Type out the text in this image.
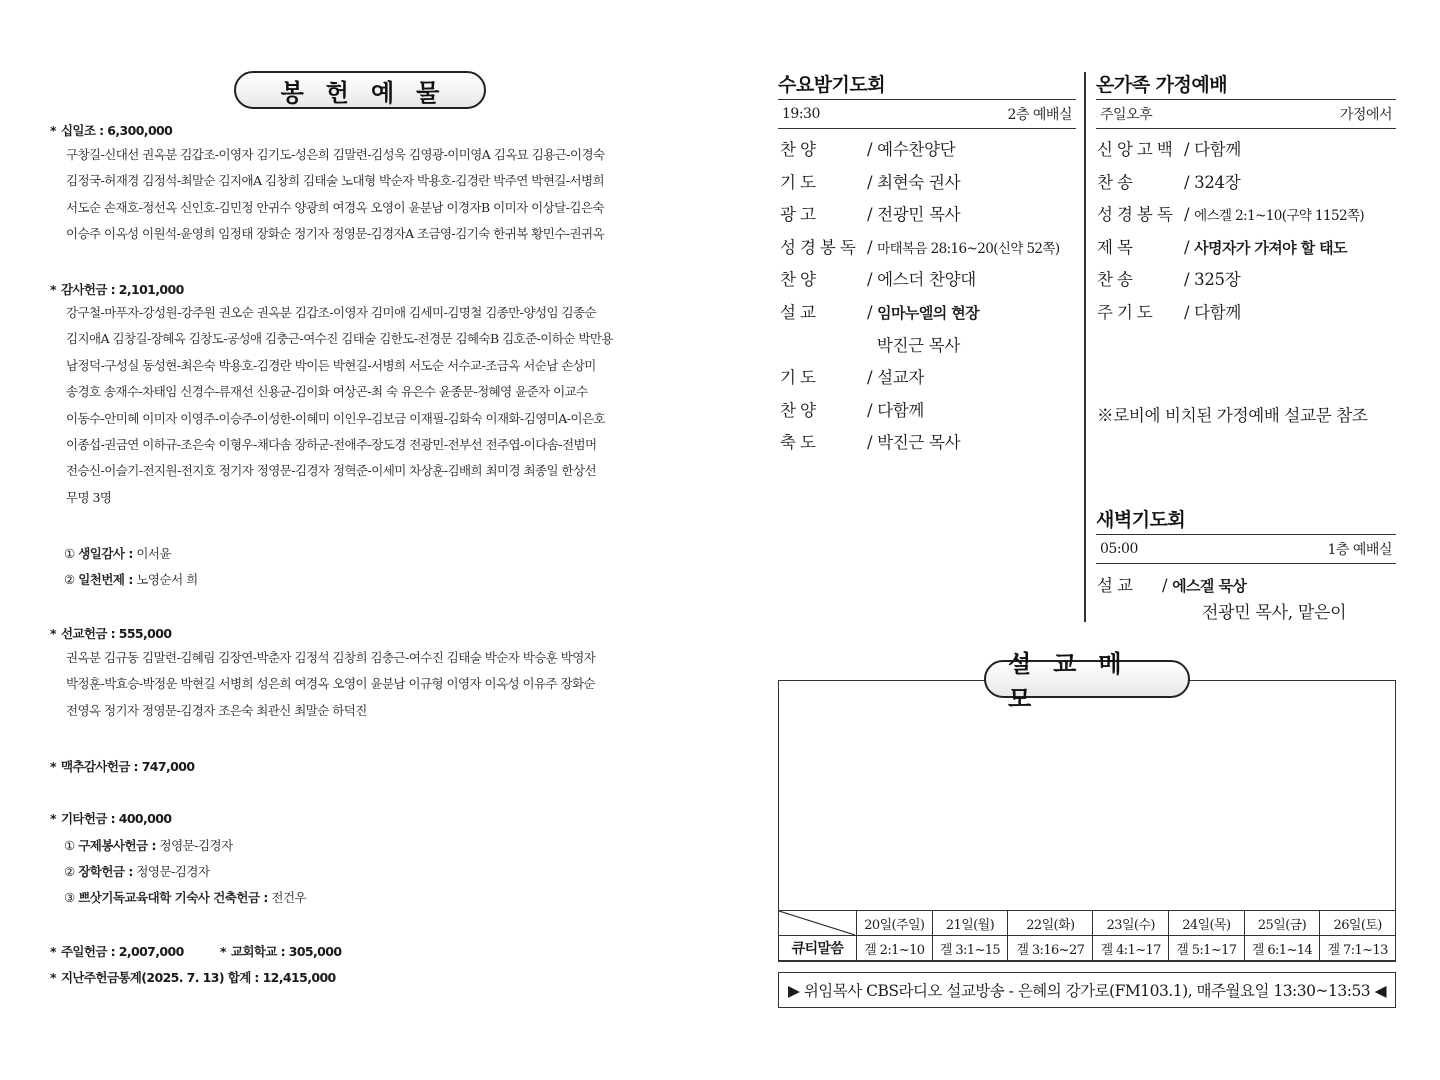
봉헌예물
* 십일조 : 6,300,000
구창길-신대선 권옥분 김갑조-이영자 김기도-성은희 김말련-김성욱 김영광-이미영A 김옥묘 김용근-이경숙
김정국-허재경 김정석-최말순 김지애A 김창희 김태술 노대형 박순자 박용호-김경란 박주연 박현길-서병희
서도순 손재호-정선옥 신인호-김민정 안귀수 양광희 여경옥 오영이 윤분남 이경자B 이미자 이상달-김은숙
이승주 이옥성 이원석-윤영희 임정태 장화순 정기자 정영문-김경자A 조금영-김기숙 한귀복 황민수-권귀옥
* 감사헌금 : 2,101,000
강구철-마푸자-강성원-강주원 권오순 권옥분 김갑조-이영자 김미애 김세미-김명철 김종만-양성임 김종순
김지애A 김창길-장혜옥 김창도-공성애 김충근-여수진 김태술 김한도-전경문 김혜숙B 김호준-이하순 박만용
남정덕-구성실 동성현-최은숙 박용호-김경란 박이든 박현길-서병희 서도순 서수교-조금옥 서순남 손상미
송경호 송재수-차태임 신경수-류재선 신용균-김이화 여상곤-최 숙 유은수 윤종문-정혜영 윤준자 이교수
이동수-안미혜 이미자 이영주-이승주-이성한-이혜미 이인우-김보금 이재필-김화숙 이재화-김영미A-이은호
이종섭-권금연 이하규-조은숙 이형우-채다솜 장하군-전애주-장도경 전광민-전부선 전주엽-이다솜-전범머
전승신-이슬기-전지원-전지호 정기자 정영문-김경자 정혁준-이세미 차상훈-김배희 최미경 최종일 한상선
무명 3명
① 생일감사 : 이서윤
② 일천번제 : 노영순서 희
* 선교헌금 : 555,000
권옥분 김규동 김말련-김혜림 김장연-박춘자 김정석 김창희 김충근-여수진 김태술 박순자 박승훈 박영자
박정훈-박효승-박정운 박현길 서병희 성은희 여경옥 오영이 윤분남 이규형 이영자 이옥성 이유주 장화순
전영옥 정기자 정영문-김경자 조은숙 최관신 최말순 하덕진
* 맥추감사헌금 : 747,000
* 기타헌금 : 400,000
① 구제봉사헌금 : 정영문-김경자
② 장학헌금 : 정영문-김경자
③ 쁘삿기독교육대학 기숙사 건축헌금 : 전건우
* 주일헌금 : 2,007,000	* 교회학교 : 305,000
* 지난주헌금통계(2025. 7. 13) 합계 : 12,415,000
수요밤기도회
19:30	2층 예배실
찬양	/ 예수찬양단
기도	/ 최현숙 권사
광고	/ 전광민 목사
성경봉독 / 마태복음 28:16~20(신약 52쪽)
찬양	/ 에스더 찬양대
설교	/ 임마누엘의 현장
박진근 목사
기도	/ 설교자
찬양	/ 다함께
축도	/ 박진근 목사
온가족 가정예배
주일오후	가정에서
신앙고백 / 다함께
찬송	/ 324장
성경봉독 / 에스겔 2:1~10(구약 1152쪽)
제목	/ 사명자가 가져야 할 태도
찬송	/ 325장
주기도 / 다함께
※로비에 비치된 가정예배 설교문 참조
새벽기도회
05:00	1층 예배실
설교 / 에스겔 묵상
전광민 목사, 맡은이
설교메모
	20일(주일)	21일(월)	22일(화)	23일(수)	24일(목)	25일(금)	26일(토)
큐티말씀	겔 2:1~10	겔 3:1~15	겔 3:16~27	겔 4:1~17	겔 5:1~17	겔 6:1~14	겔 7:1~13
▶ 위임목사 CBS라디오 설교방송 - 은혜의 강가로(FM103.1), 매주월요일 13:30~13:53 ◀
